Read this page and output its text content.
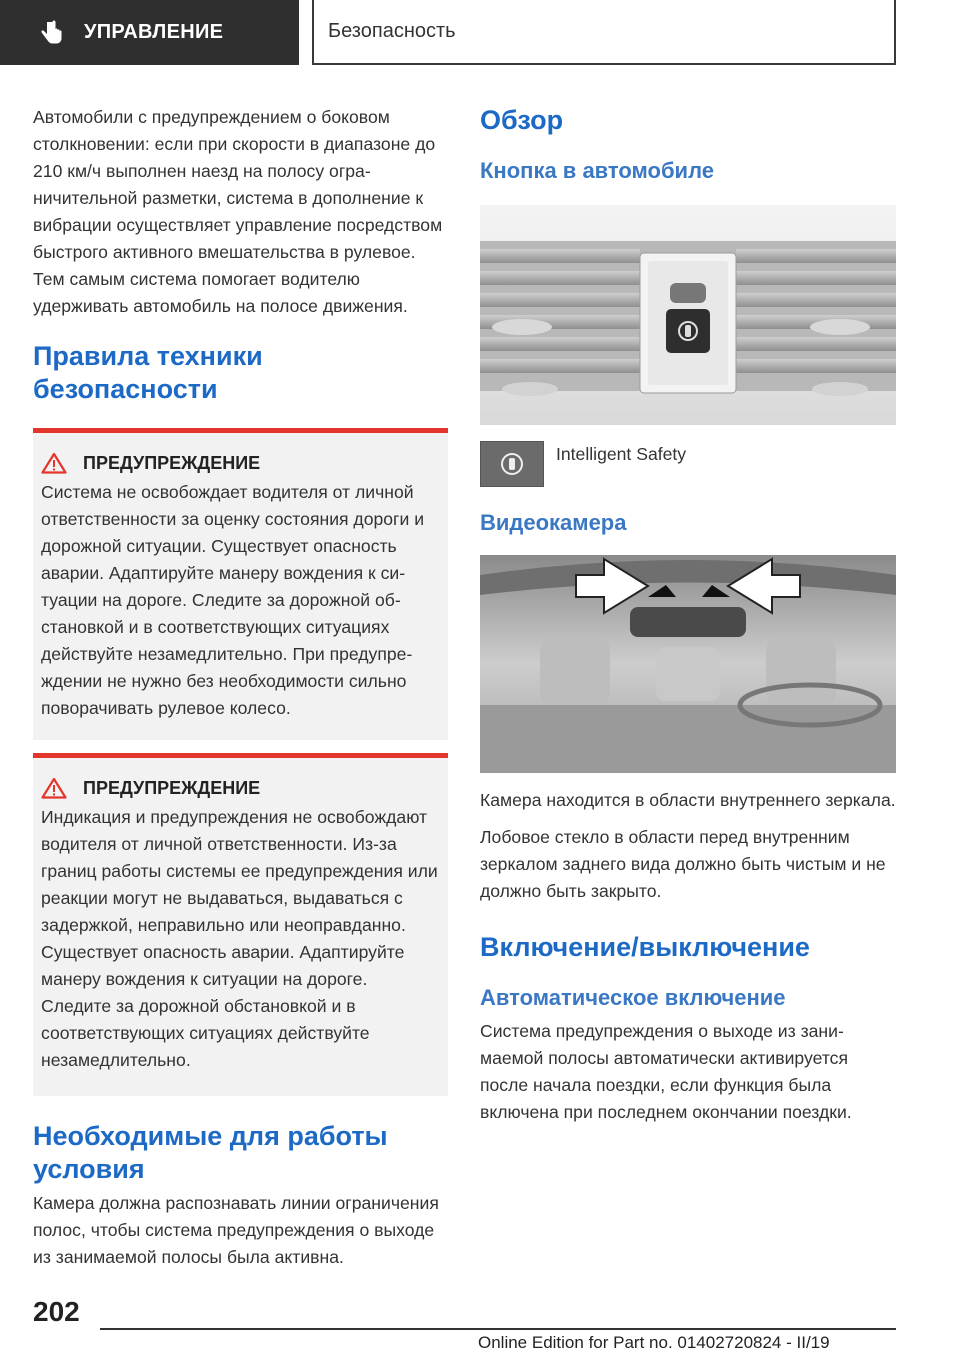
УПРАВЛЕНИЕ	Безопасность

Автомобили с предупреждением о боковом столкновении: если при скорости в диапазоне до 210 км/ч выполнен наезд на полосу ограничительной разметки, система в дополнение к вибрации осуществляет управление посредством быстрого активного вмешательства в рулевое. Тем самым система помогает водителю удерживать автомобиль на полосе движения.

Правила техники безопасности
ПРЕДУПРЕЖДЕНИЕ

Система не освобождает водителя от личной ответственности за оценку состояния дороги и дорожной ситуации. Существует опасность аварии. Адаптируйте манеру вождения к ситуации на дороге. Следите за дорожной обстановкой и в соответствующих ситуациях действуйте незамедлительно. При предупреждении не нужно без необходимости сильно поворачивать рулевое колесо.

ПРЕДУПРЕЖДЕНИЕ

Индикация и предупреждения не освобождают водителя от личной ответственности. Из-за границ работы системы ее предупреждения или реакции могут не выдаваться, выдаваться с задержкой, неправильно или неоправданно. Существует опасность аварии. Адаптируйте манеру вождения к ситуации на дороге. Следите за дорожной обстановкой и в соответствующих ситуациях действуйте незамедлительно.

Необходимые для работы условия

Камера должна распознавать линии ограничения полос, чтобы система предупреждения о выходе из занимаемой полосы была активна.

Обзор
Кнопка в автомобиле
Intelligent Safety
Видеокамера

Камера находится в области внутреннего зеркала.

Лобовое стекло в области перед внутренним зеркалом заднего вида должно быть чистым и не должно быть закрыто.

Включение/выключение
Автоматическое включение

Система предупреждения о выходе из занимаемой полосы автоматически активируется после начала поездки, если функция была включена при последнем окончании поездки.

202
Online Edition for Part no. 01402720824 - II/19
